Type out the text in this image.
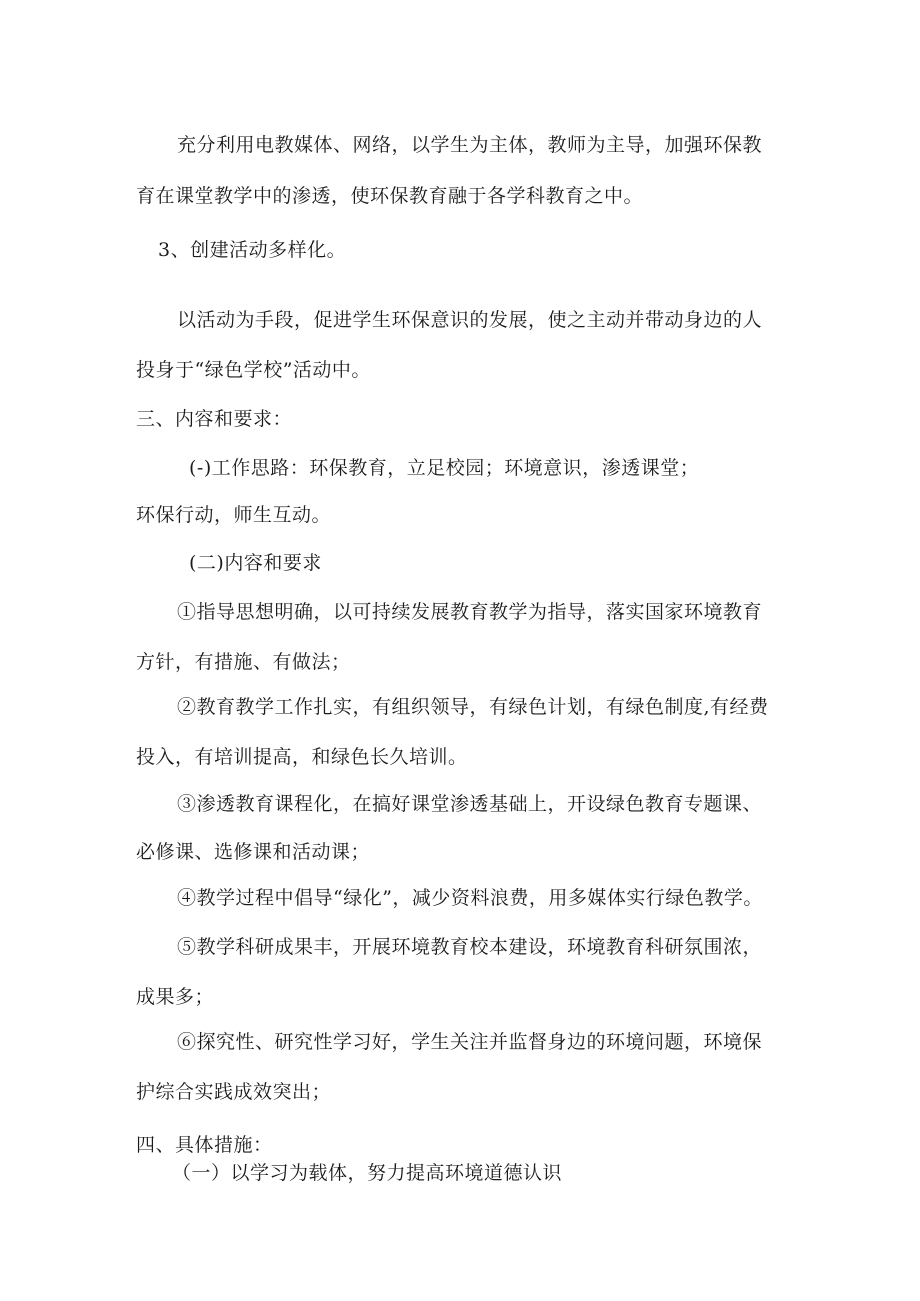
充分利用电教媒体、网络，以学生为主体，教师为主导，加强环保教
育在课堂教学中的渗透，使环保教育融于各学科教育之中。
3、创建活动多样化。
以活动为手段，促进学生环保意识的发展，使之主动并带动身边的人
投身于“绿色学校”活动中。
三、内容和要求：
(-)工作思路：环保教育，立足校园；环境意识，渗透课堂；
环保行动，师生互动。
(二)内容和要求
①指导思想明确，以可持续发展教育教学为指导，落实国家环境教育
方针，有措施、有做法；
②教育教学工作扎实，有组织领导，有绿色计划，有绿色制度,有经费
投入，有培训提高，和绿色长久培训。
③渗透教育课程化，在搞好课堂渗透基础上，开设绿色教育专题课、
必修课、选修课和活动课；
④教学过程中倡导“绿化”，减少资料浪费，用多媒体实行绿色教学。
⑤教学科研成果丰，开展环境教育校本建设，环境教育科研氛围浓，
成果多；
⑥探究性、研究性学习好，学生关注并监督身边的环境问题，环境保
护综合实践成效突出；
四、具体措施：
（一）以学习为载体，努力提高环境道德认识
